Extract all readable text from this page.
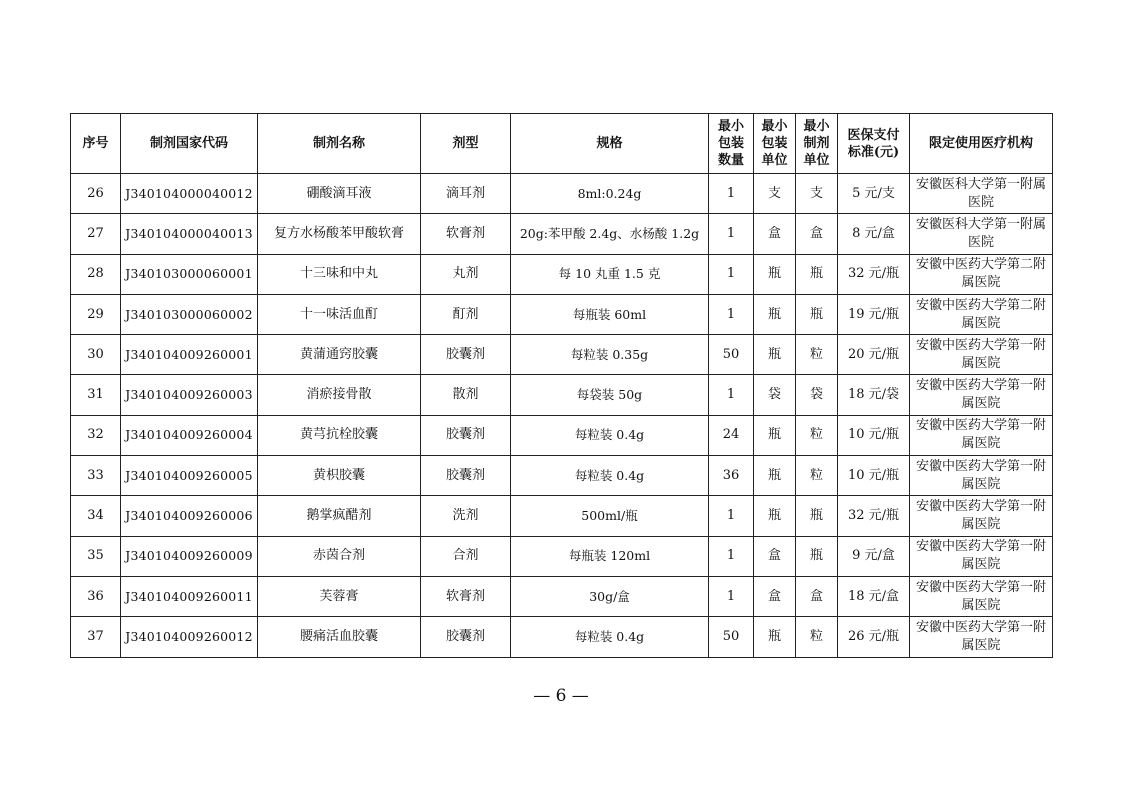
序号	制剂国家代码	制剂名称	剂型	规格	最小
包装
数量	最小
包装
单位	最小
制剂
单位	医保支付
标准(元)	限定使用医疗机构
26	J340104000040012	硼酸滴耳液	滴耳剂	8ml:0.24g	1	支	支	5 元/支	安徽医科大学第一附属医院
27	J340104000040013	复方水杨酸苯甲酸软膏	软膏剂	20g:苯甲酸 2.4g、水杨酸 1.2g	1	盒	盒	8 元/盒	安徽医科大学第一附属医院
28	J340103000060001	十三味和中丸	丸剂	每 10 丸重 1.5 克	1	瓶	瓶	32 元/瓶	安徽中医药大学第二附属医院
29	J340103000060002	十一味活血酊	酊剂	每瓶装 60ml	1	瓶	瓶	19 元/瓶	安徽中医药大学第二附属医院
30	J340104009260001	黄蒲通窍胶囊	胶囊剂	每粒装 0.35g	50	瓶	粒	20 元/瓶	安徽中医药大学第一附属医院
31	J340104009260003	消瘀接骨散	散剂	每袋装 50g	1	袋	袋	18 元/袋	安徽中医药大学第一附属医院
32	J340104009260004	黄芎抗栓胶囊	胶囊剂	每粒装 0.4g	24	瓶	粒	10 元/瓶	安徽中医药大学第一附属医院
33	J340104009260005	黄枳胶囊	胶囊剂	每粒装 0.4g	36	瓶	粒	10 元/瓶	安徽中医药大学第一附属医院
34	J340104009260006	鹅掌疯醋剂	洗剂	500ml/瓶	1	瓶	瓶	32 元/瓶	安徽中医药大学第一附属医院
35	J340104009260009	赤茵合剂	合剂	每瓶装 120ml	1	盒	瓶	9 元/盒	安徽中医药大学第一附属医院
36	J340104009260011	芙蓉膏	软膏剂	30g/盒	1	盒	盒	18 元/盒	安徽中医药大学第一附属医院
37	J340104009260012	腰痛活血胶囊	胶囊剂	每粒装 0.4g	50	瓶	粒	26 元/瓶	安徽中医药大学第一附属医院
— 6 —
